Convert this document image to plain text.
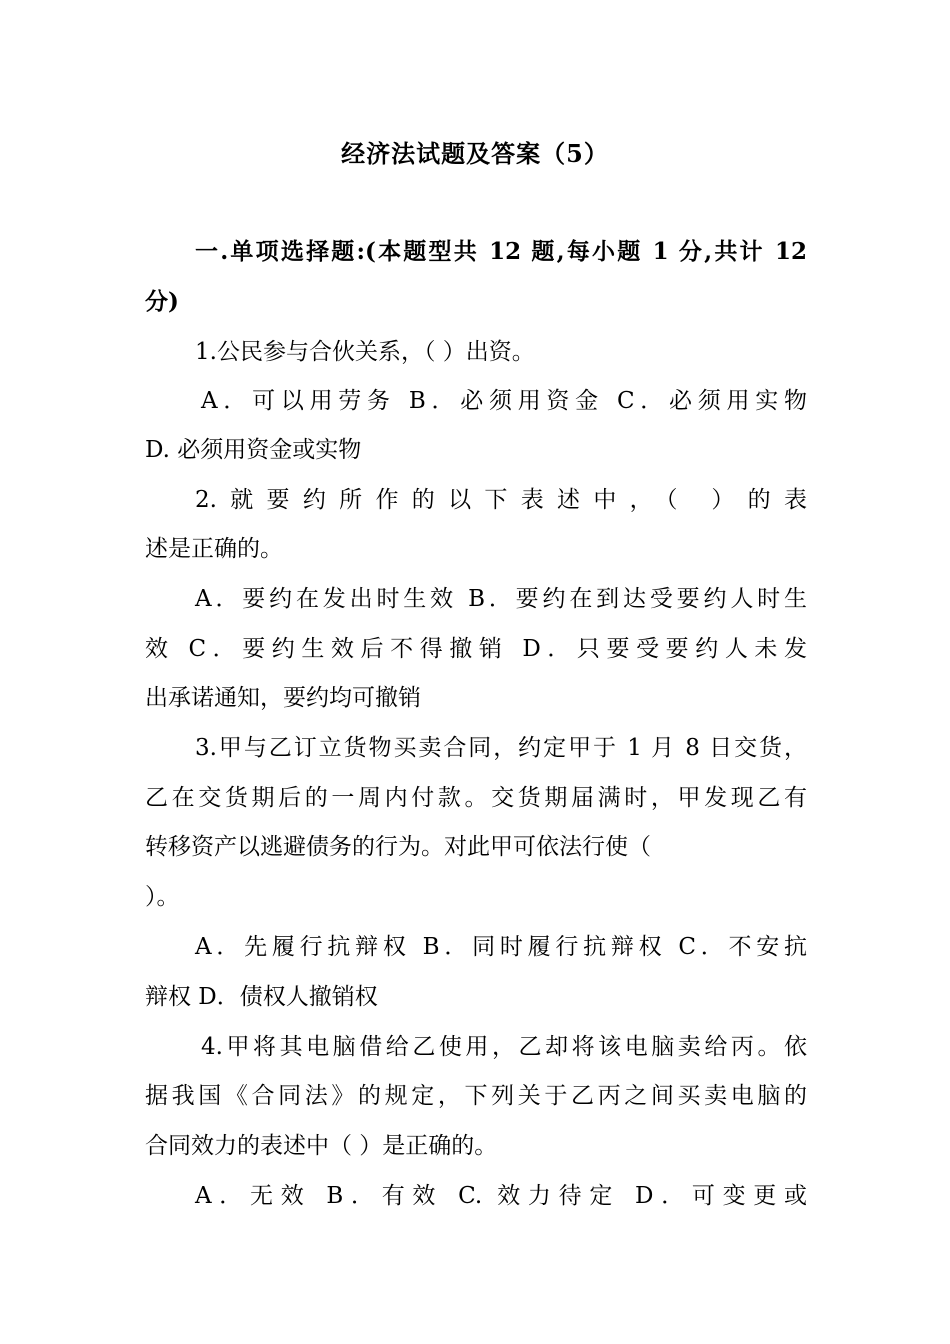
经济法试题及答案（5）
一.单项选择题:(本题型共 12 题,每小题 1 分,共计 12
分)
1.公民参与合伙关系，（ ）出资。
A．可以用劳务 B．必须用资金 C．必须用实物
D. 必须用资金或实物
2.就要约所作的以下表述中，（ ）的表
述是正确的。
A．要约在发出时生效 B．要约在到达受要约人时生
效 C．要约生效后不得撤销 D．只要受要约人未发
出承诺通知，要约均可撤销
3.甲与乙订立货物买卖合同，约定甲于 1 月 8 日交货，
乙在交货期后的一周内付款。交货期届满时，甲发现乙有
转移资产以逃避债务的行为。对此甲可依法行使（
）。
A．先履行抗辩权 B．同时履行抗辩权 C．不安抗
辩权 D．债权人撤销权
4.甲将其电脑借给乙使用，乙却将该电脑卖给丙。依
据我国《合同法》的规定，下列关于乙丙之间买卖电脑的
合同效力的表述中（ ）是正确的。
A．无效 B．有效 C. 效力待定 D．可变更或
